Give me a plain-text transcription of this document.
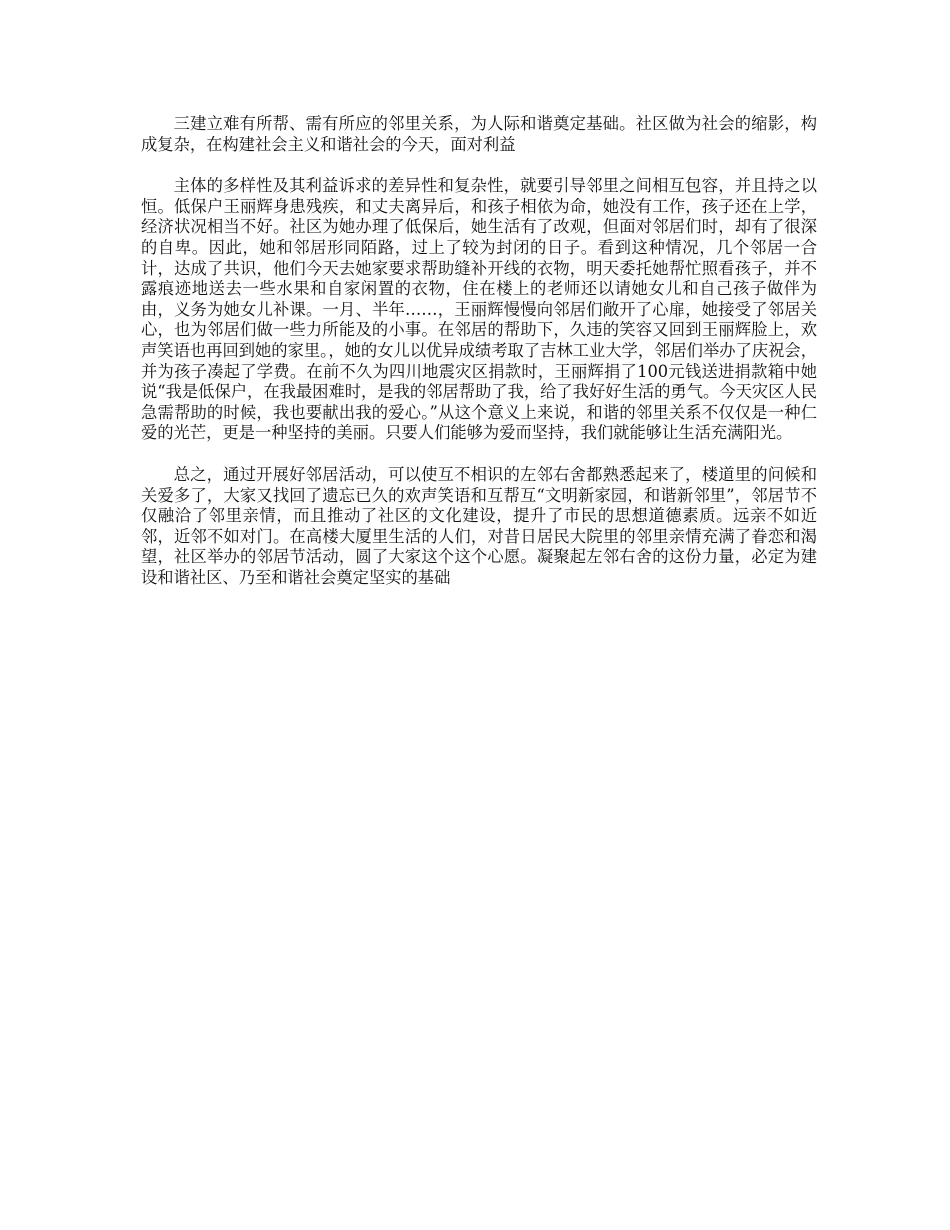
三建立难有所帮、需有所应的邻里关系，为人际和谐奠定基础。社区做为社会的缩影，构成复杂，在构建社会主义和谐社会的今天，面对利益

主体的多样性及其利益诉求的差异性和复杂性，就要引导邻里之间相互包容，并且持之以恒。低保户王丽辉身患残疾，和丈夫离异后，和孩子相依为命，她没有工作，孩子还在上学，经济状况相当不好。社区为她办理了低保后，她生活有了改观，但面对邻居们时，却有了很深的自卑。因此，她和邻居形同陌路，过上了较为封闭的日子。看到这种情况，几个邻居一合计，达成了共识，他们今天去她家要求帮助缝补开线的衣物，明天委托她帮忙照看孩子，并不露痕迹地送去一些水果和自家闲置的衣物，住在楼上的老师还以请她女儿和自己孩子做伴为由，义务为她女儿补课。一月、半年……，王丽辉慢慢向邻居们敞开了心扉，她接受了邻居关心，也为邻居们做一些力所能及的小事。在邻居的帮助下，久违的笑容又回到王丽辉脸上，欢声笑语也再回到她的家里。，她的女儿以优异成绩考取了吉林工业大学，邻居们举办了庆祝会，并为孩子凑起了学费。在前不久为四川地震灾区捐款时，王丽辉捐了100元钱送进捐款箱中她说“我是低保户，在我最困难时，是我的邻居帮助了我，给了我好好生活的勇气。今天灾区人民急需帮助的时候，我也要献出我的爱心。”从这个意义上来说，和谐的邻里关系不仅仅是一种仁爱的光芒，更是一种坚持的美丽。只要人们能够为爱而坚持，我们就能够让生活充满阳光。

总之，通过开展好邻居活动，可以使互不相识的左邻右舍都熟悉起来了，楼道里的问候和关爱多了，大家又找回了遗忘已久的欢声笑语和互帮互“文明新家园，和谐新邻里”，邻居节不仅融洽了邻里亲情，而且推动了社区的文化建设，提升了市民的思想道德素质。远亲不如近邻，近邻不如对门。在高楼大厦里生活的人们，对昔日居民大院里的邻里亲情充满了眷恋和渴望，社区举办的邻居节活动，圆了大家这个这个心愿。凝聚起左邻右舍的这份力量，必定为建设和谐社区、乃至和谐社会奠定坚实的基础
